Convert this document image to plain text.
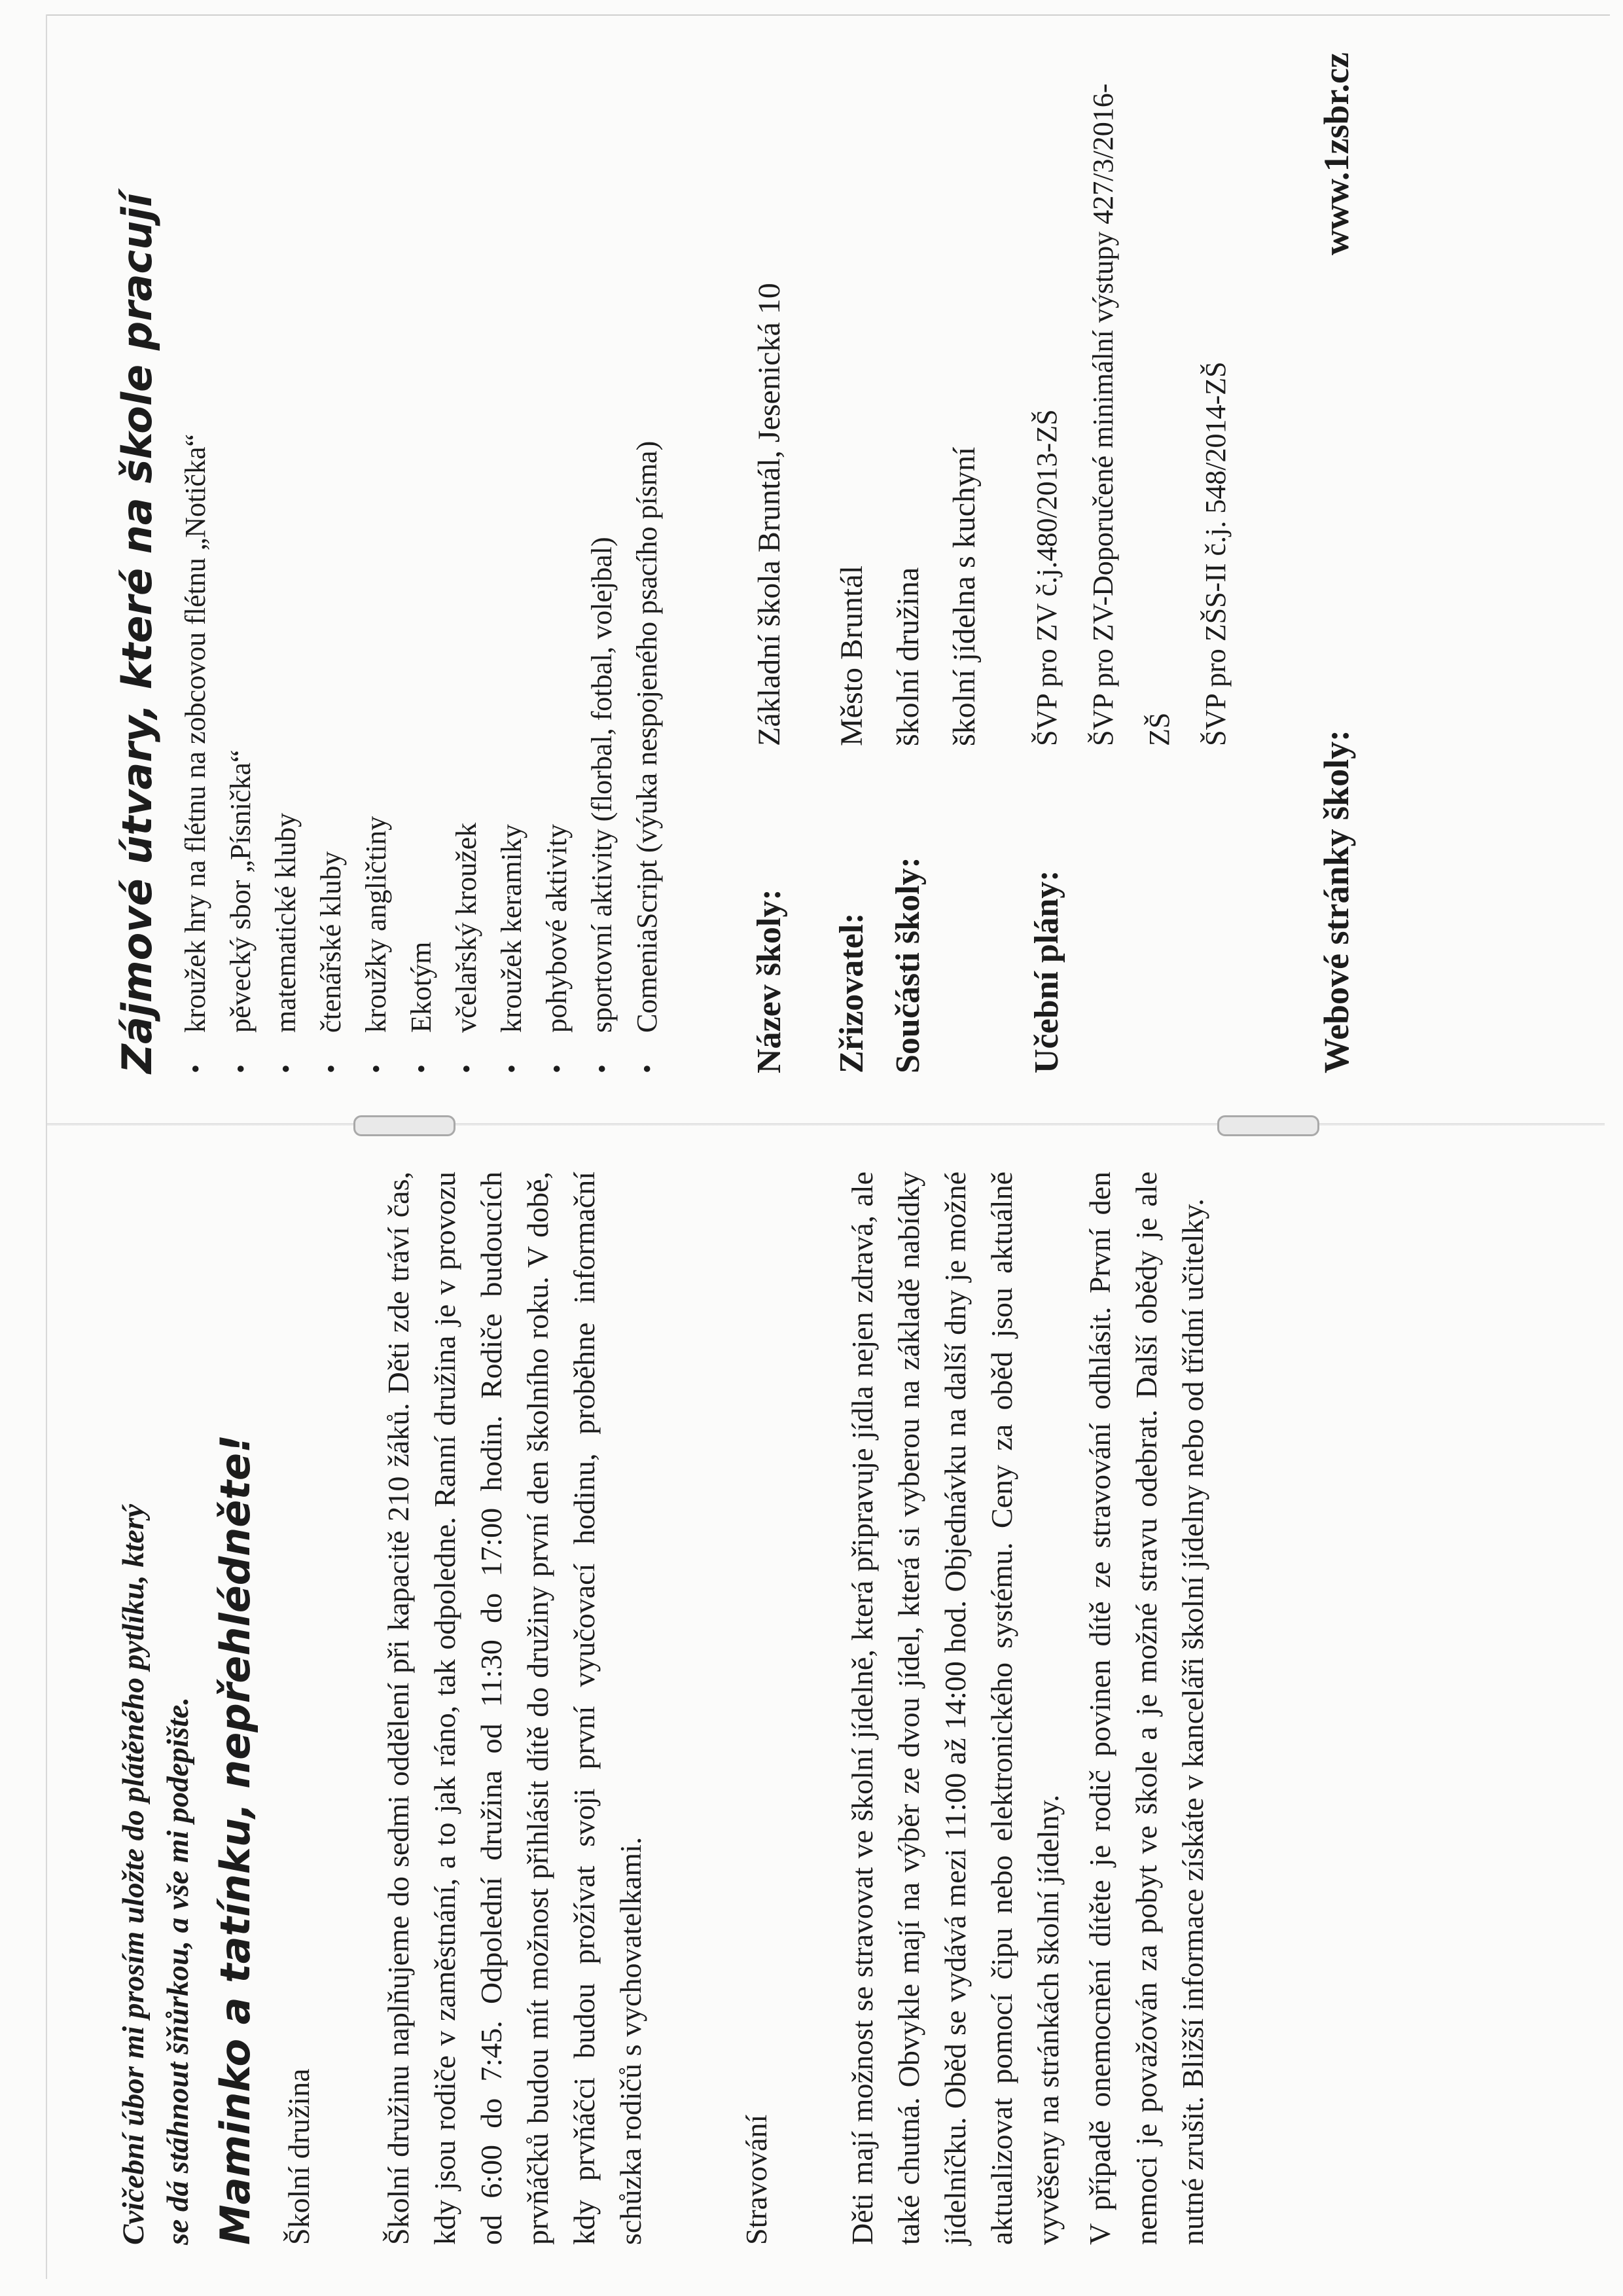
Cvičební úbor mi prosím uložte do plátěného pytlíku, který se dá stáhnout šňůrkou, a vše mi podepište. Maminko a tatínku, nepřehlédněte! Školní družina Školní družinu naplňujeme do sedmi oddělení při kapacitě 210 žáků. Děti zde tráví čas, kdy jsou rodiče v zaměstnání, a to jak ráno, tak odpoledne. Ranní družina je v provozu od 6:00 do 7:45. Odpolední družina od 11:30 do 17:00 hodin. Rodiče budoucích prvňáčků budou mít možnost přihlásit dítě do družiny první den školního roku. V době, kdy prvňáčci budou prožívat svoji první vyučovací hodinu, proběhne informační schůzka rodičů s vychovatelkami.	Stravování Děti mají možnost se stravovat ve školní jídelně, která připravuje jídla nejen zdravá, ale také chutná. Obvykle mají na výběr ze dvou jídel, která si vyberou na základě nabídky jídelníčku. Oběd se vydává mezi 11:00 až 14:00 hod. Objednávku na další dny je možné aktualizovat pomocí čipu nebo elektronického systému. Ceny za oběd jsou aktuálně vyvěšeny na stránkách školní jídelny. V případě onemocnění dítěte je rodič povinen dítě ze stravování odhlásit. První den nemoci je považován za pobyt ve škole a je možné stravu odebrat. Další obědy je ale nutné zrušit. Bližší informace získáte v kanceláři školní jídelny nebo od třídní učitelky.

Zájmové útvary, které na škole pracují • kroužek hry na flétnu na zobcovou flétnu „Notička“ • pěvecký sbor „Písnička“ • matematické kluby • čtenářské kluby • kroužky angličtiny • Ekotým • včelařský kroužek • kroužek keramiky • pohybové aktivity • sportovní aktivity (florbal, fotbal, volejbal) • ComeniaScript (výuka nespojeného psacího písma)	Název školy:
Základní škola Bruntál, Jesenická 10
Zřizovatel:
Město Bruntál
Součásti školy:
školní družina školní jídelna s kuchyní
Učební plány:
ŠVP pro ZV č.j.480/2013-ZŠ ŠVP pro ZV-Doporučené minimální výstupy 427/3/2016-ZŠ ŠVP pro ZŠS-II č.j. 548/2014-ZŠ
Webové stránky školy:
www.1zsbr.cz
